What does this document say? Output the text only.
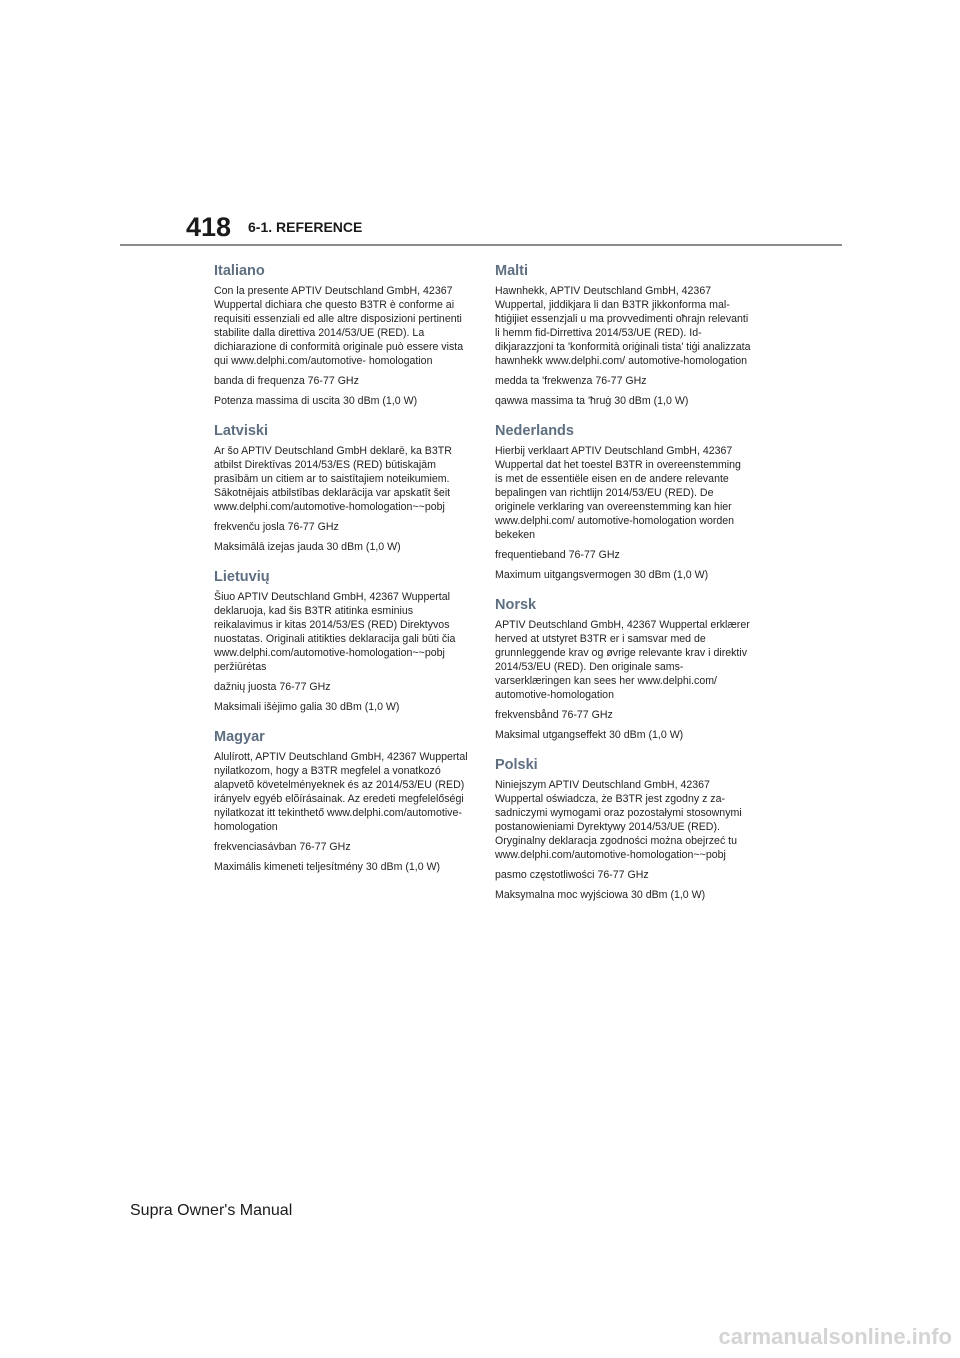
418 6-1. REFERENCE
Italiano
Con la presente APTIV Deutschland GmbH, 42367 Wuppertal dichiara che questo B3TR è conforme ai requisiti essenziali ed alle altre disposizioni pertinenti stabilite dalla direttiva 2014/53/UE (RED). La dichiarazione di conformità originale può essere vista qui www.delphi.com/automotive- homologation
banda di frequenza 76-77 GHz
Potenza massima di uscita 30 dBm (1,0 W)
Latviski
Ar šo APTIV Deutschland GmbH deklarē, ka B3TR atbilst Direktīvas 2014/53/ES (RED) būtiskajām prasībām un citiem ar to saistītajiem noteikumiem. Sākotnējais atbilstības deklarācija var apskatīt šeit www.delphi.com/automotive-homologation~~pobj
frekvenču josla 76-77 GHz
Maksimālā izejas jauda 30 dBm (1,0 W)
Lietuvių
Šiuo APTIV Deutschland GmbH, 42367 Wuppertal deklaruoja, kad šis B3TR atitinka esminius reikalavimus ir kitas 2014/53/ES (RED) Direktyvos nuostatas. Originali atitikties deklaracija gali būti čia www.delphi.com/automotive-homologation~~pobj peržiūrėtas
dažnių juosta 76-77 GHz
Maksimali išėjimo galia 30 dBm (1,0 W)
Magyar
Alulírott, APTIV Deutschland GmbH, 42367 Wuppertal nyilatkozom, hogy a B3TR megfelel a vonatkozó alapvetõ követelményeknek és az 2014/53/EU (RED) irányelv egyéb elõírásainak. Az eredeti megfelelőségi nyilatkozat itt tekinthető www.delphi.com/automotive-homologation
frekvenciasávban 76-77 GHz
Maximális kimeneti teljesítmény 30 dBm (1,0 W)
Malti
Hawnhekk, APTIV Deutschland GmbH, 42367 Wuppertal, jiddikjara li dan B3TR jikkonforma mal-ħtiġijiet essenzjali u ma provvedimenti oħrajn relevanti li hemm fid-Dirrettiva 2014/53/UE (RED). Id-dikjarazzjoni ta 'konformità oriġinali tista' tiġi analizzata hawnhekk www.delphi.com/ automotive-homologation
medda ta 'frekwenza 76-77 GHz
qawwa massima ta 'ħruġ 30 dBm (1,0 W)
Nederlands
Hierbij verklaart APTIV Deutschland GmbH, 42367 Wuppertal dat het toestel B3TR in overeenstemming is met de essentiële eisen en de andere relevante bepalingen van richtlijn 2014/53/EU (RED). De originele verklaring van overeenstemming kan hier www.delphi.com/ automotive-homologation worden bekeken
frequentieband 76-77 GHz
Maximum uitgangsvermogen 30 dBm (1,0 W)
Norsk
APTIV Deutschland GmbH, 42367 Wuppertal erklærer herved at utstyret B3TR er i samsvar med de grunnleggende krav og øvrige relevante krav i direktiv 2014/53/EU (RED). Den originale samsvarserklæringen kan sees her www.delphi.com/ automotive-homologation
frekvensbånd 76-77 GHz
Maksimal utgangseffekt 30 dBm (1,0 W)
Polski
Niniejszym APTIV Deutschland GmbH, 42367 Wuppertal oświadcza, że B3TR jest zgodny z zasadniczymi wymogami oraz pozostałymi stosownymi postanowieniami Dyrektywy 2014/53/UE (RED). Oryginalny deklaracja zgodności można obejrzeć tu www.delphi.com/automotive-homologation~~pobj
pasmo częstotliwości 76-77 GHz
Maksymalna moc wyjściowa 30 dBm (1,0 W)
Supra Owner's Manual
carmanualsonline.info
